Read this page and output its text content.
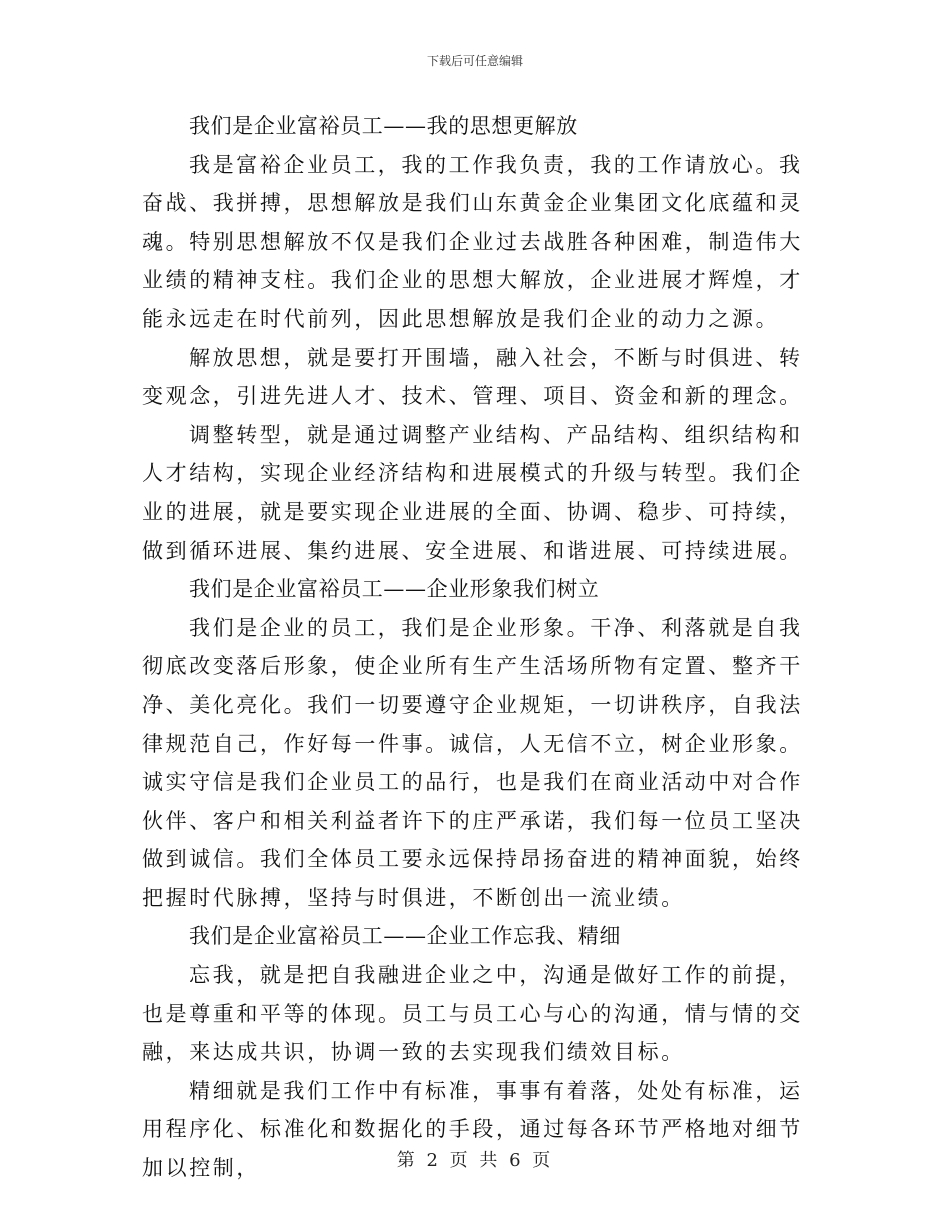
下载后可任意编辑

我们是企业富裕员工——我的思想更解放

我是富裕企业员工，我的工作我负责，我的工作请放心。我奋战、我拼搏，思想解放是我们山东黄金企业集团文化底蕴和灵魂。特别思想解放不仅是我们企业过去战胜各种困难，制造伟大业绩的精神支柱。我们企业的思想大解放，企业进展才辉煌，才能永远走在时代前列，因此思想解放是我们企业的动力之源。

解放思想，就是要打开围墙，融入社会，不断与时俱进、转变观念，引进先进人才、技术、管理、项目、资金和新的理念。

调整转型，就是通过调整产业结构、产品结构、组织结构和人才结构，实现企业经济结构和进展模式的升级与转型。我们企业的进展，就是要实现企业进展的全面、协调、稳步、可持续，做到循环进展、集约进展、安全进展、和谐进展、可持续进展。

我们是企业富裕员工——企业形象我们树立

我们是企业的员工，我们是企业形象。干净、利落就是自我彻底改变落后形象，使企业所有生产生活场所物有定置、整齐干净、美化亮化。我们一切要遵守企业规矩，一切讲秩序，自我法律规范自己，作好每一件事。诚信，人无信不立，树企业形象。诚实守信是我们企业员工的品行，也是我们在商业活动中对合作伙伴、客户和相关利益者许下的庄严承诺，我们每一位员工坚决做到诚信。我们全体员工要永远保持昂扬奋进的精神面貌，始终把握时代脉搏，坚持与时俱进，不断创出一流业绩。

我们是企业富裕员工——企业工作忘我、精细

忘我，就是把自我融进企业之中，沟通是做好工作的前提，也是尊重和平等的体现。员工与员工心与心的沟通，情与情的交融，来达成共识，协调一致的去实现我们绩效目标。

精细就是我们工作中有标准，事事有着落，处处有标准，运用程序化、标准化和数据化的手段，通过每各环节严格地对细节加以控制，	第 2 页 共 6 页
